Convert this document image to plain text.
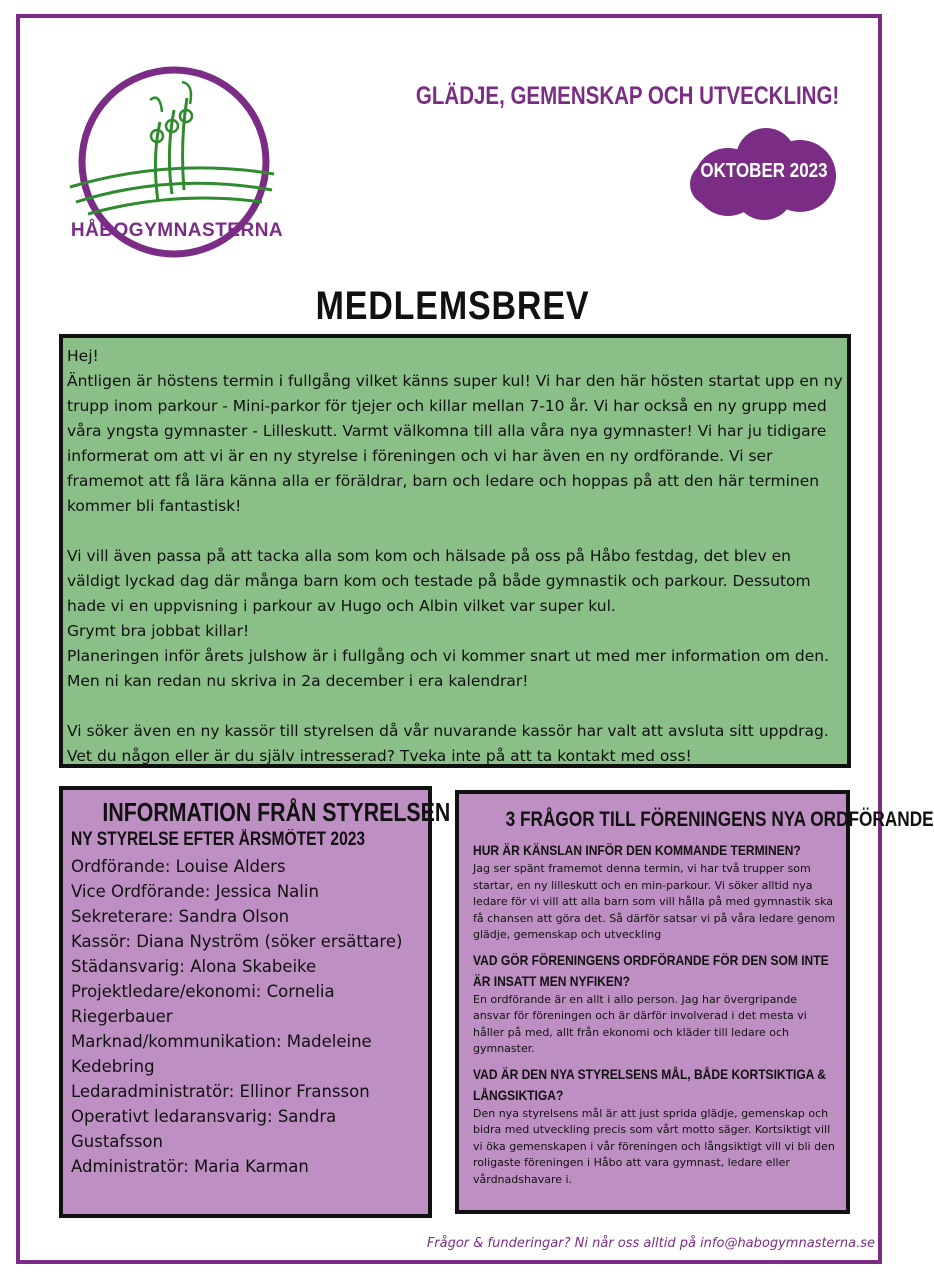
HÅBOGYMNASTERNA
GLÄDJE, GEMENSKAP OCH UTVECKLING!
OKTOBER 2023
MEDLEMSBREV

Hej!
Äntligen är höstens termin i fullgång vilket känns super kul! Vi har den här hösten startat upp en ny trupp inom parkour - Mini-parkor för tjejer och killar mellan 7-10 år. Vi har också en ny grupp med våra yngsta gymnaster - Lilleskutt. Varmt välkomna till alla våra nya gymnaster! Vi har ju tidigare informerat om att vi är en ny styrelse i föreningen och vi har även en ny ordförande. Vi ser framemot att få lära känna alla er föräldrar, barn och ledare och hoppas på att den här terminen kommer bli fantastisk!

Vi vill även passa på att tacka alla som kom och hälsade på oss på Håbo festdag, det blev en väldigt lyckad dag där många barn kom och testade på både gymnastik och parkour. Dessutom hade vi en uppvisning i parkour av Hugo och Albin vilket var super kul.
Grymt bra jobbat killar!
Planeringen inför årets julshow är i fullgång och vi kommer snart ut med mer information om den. Men ni kan redan nu skriva in 2a december i era kalendrar!

Vi söker även en ny kassör till styrelsen då vår nuvarande kassör har valt att avsluta sitt uppdrag. Vet du någon eller är du själv intresserad? Tveka inte på att ta kontakt med oss!

INFORMATION FRÅN STYRELSEN
NY STYRELSE EFTER ÅRSMÖTET 2023
Ordförande: Louise Alders
Vice Ordförande: Jessica Nalin
Sekreterare: Sandra Olson
Kassör: Diana Nyström (söker ersättare)
Städansvarig: Alona Skabeike
Projektledare/ekonomi: Cornelia Riegerbauer
Marknad/kommunikation: Madeleine Kedebring
Ledaradministratör: Ellinor Fransson
Operativt ledaransvarig: Sandra Gustafsson
Administratör: Maria Karman
3 FRÅGOR TILL FÖRENINGENS NYA ORDFÖRANDE
HUR ÄR KÄNSLAN INFÖR DEN KOMMANDE TERMINEN?
Jag ser spänt framemot denna termin, vi har två trupper som startar, en ny lilleskutt och en min-parkour. Vi söker alltid nya ledare för vi vill att alla barn som vill hålla på med gymnastik ska få chansen att göra det. Så därför satsar vi på våra ledare genom glädje, gemenskap och utveckling
VAD GÖR FÖRENINGENS ORDFÖRANDE FÖR DEN SOM INTE ÄR INSATT MEN NYFIKEN?
En ordförande är en allt i allo person. Jag har övergripande ansvar för föreningen och är därför involverad i det mesta vi håller på med, allt från ekonomi och kläder till ledare och gymnaster.
VAD ÄR DEN NYA STYRELSENS MÅL, BÅDE KORTSIKTIGA & LÅNGSIKTIGA?
Den nya styrelsens mål är att just sprida glädje, gemenskap och bidra med utveckling precis som vårt motto säger. Kortsiktigt vill vi öka gemenskapen i vår föreningen och långsiktigt vill vi bli den roligaste föreningen i Håbo att vara gymnast, ledare eller vårdnadshavare i.
Frågor & funderingar? Ni når oss alltid på info@habogymnasterna.se
